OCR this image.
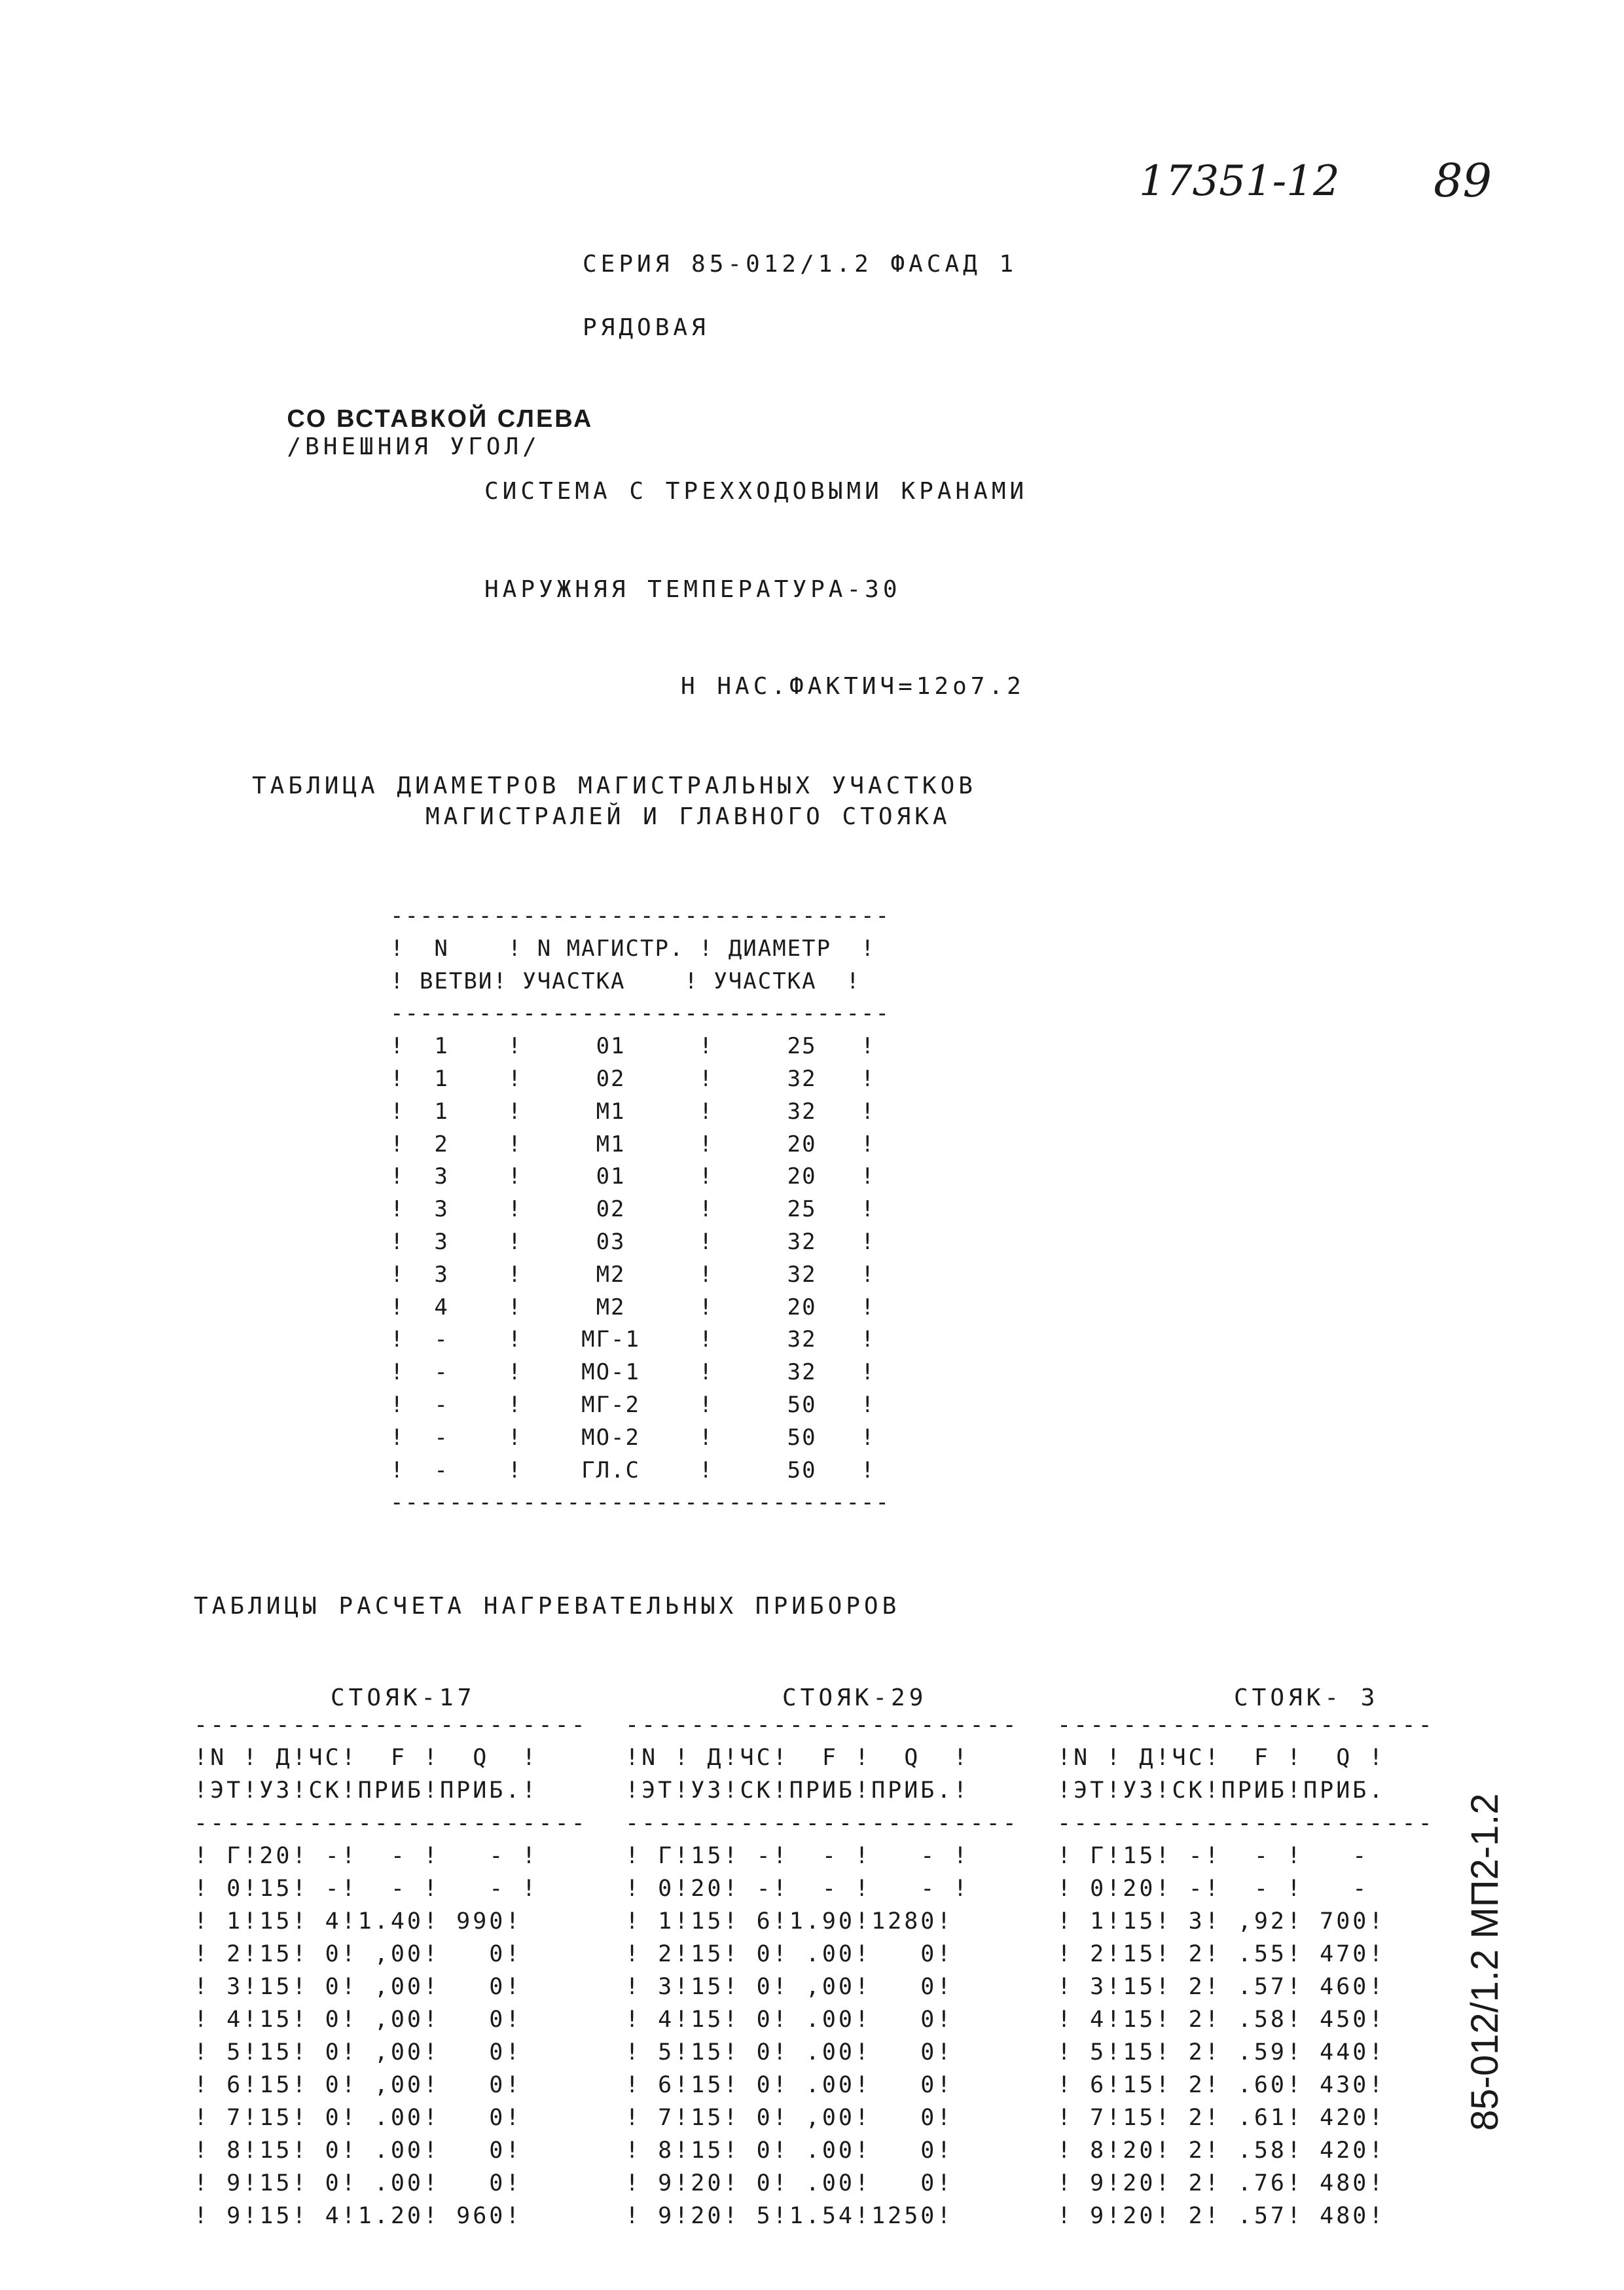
17351-12 89
СЕРИЯ 85-012/1.2 ФАСАД 1
РЯДОВАЯ

СО ВСТАВКОЙ СЛЕВА
/ВНЕШНИЯ УГОЛ/

СИСТЕМА С ТРЕХХОДОВЫМИ КРАНАМИ
НАРУЖНЯЯ ТЕМПЕРАТУРА-30
Н НАС.ФАКТИЧ=12о7.2
ТАБЛИЦА ДИАМЕТРОВ МАГИСТРАЛЬНЫХ УЧАСТКОВ
МАГИСТРАЛЕЙ И ГЛАВНОГО СТОЯКА
----------------------------------
!  N    ! N МАГИСТР. ! ДИАМЕТР  !
! ВЕТВИ! УЧАСТКА    ! УЧАСТКА  !
----------------------------------
!  1    !     01     !     25   !
!  1    !     02     !     32   !
!  1    !     M1     !     32   !
!  2    !     M1     !     20   !
!  3    !     01     !     20   !
!  3    !     02     !     25   !
!  3    !     03     !     32   !
!  3    !     M2     !     32   !
!  4    !     M2     !     20   !
!  -    !    МГ-1    !     32   !
!  -    !    МО-1    !     32   !
!  -    !    МГ-2    !     50   !
!  -    !    МО-2    !     50   !
!  -    !    ГЛ.С    !     50   !
----------------------------------
ТАБЛИЦЫ РАСЧЕТА НАГРЕВАТЕЛЬНЫХ ПРИБОРОВ
СТОЯК-17
------------------------
!N ! Д!ЧС!  F !  Q  !
!ЭТ!УЗ!СК!ПРИБ!ПРИБ.!
------------------------
! Г!20! -!  - !   - !
! 0!15! -!  - !   - !
! 1!15! 4!1.40! 990!
! 2!15! 0! ,00!   0!
! 3!15! 0! ,00!   0!
! 4!15! 0! ,00!   0!
! 5!15! 0! ,00!   0!
! 6!15! 0! ,00!   0!
! 7!15! 0! .00!   0!
! 8!15! 0! .00!   0!
! 9!15! 0! .00!   0!
! 9!15! 4!1.20! 960!
СТОЯК-29
------------------------
!N ! Д!ЧС!  F !  Q  !
!ЭТ!УЗ!СК!ПРИБ!ПРИБ.!
------------------------
! Г!15! -!  - !   - !
! 0!20! -!  - !   - !
! 1!15! 6!1.90!1280!
! 2!15! 0! .00!   0!
! 3!15! 0! ,00!   0!
! 4!15! 0! .00!   0!
! 5!15! 0! .00!   0!
! 6!15! 0! .00!   0!
! 7!15! 0! ,00!   0!
! 8!15! 0! .00!   0!
! 9!20! 0! .00!   0!
! 9!20! 5!1.54!1250!
СТОЯК- 3
-----------------------
!N ! Д!ЧС!  F !  Q !
!ЭТ!УЗ!СК!ПРИБ!ПРИБ.
-----------------------
! Г!15! -!  - !   -
! 0!20! -!  - !   -
! 1!15! 3! ,92! 700!
! 2!15! 2! .55! 470!
! 3!15! 2! .57! 460!
! 4!15! 2! .58! 450!
! 5!15! 2! .59! 440!
! 6!15! 2! .60! 430!
! 7!15! 2! .61! 420!
! 8!20! 2! .58! 420!
! 9!20! 2! .76! 480!
! 9!20! 2! .57! 480!
85-012/1.2 МП2-1.2
